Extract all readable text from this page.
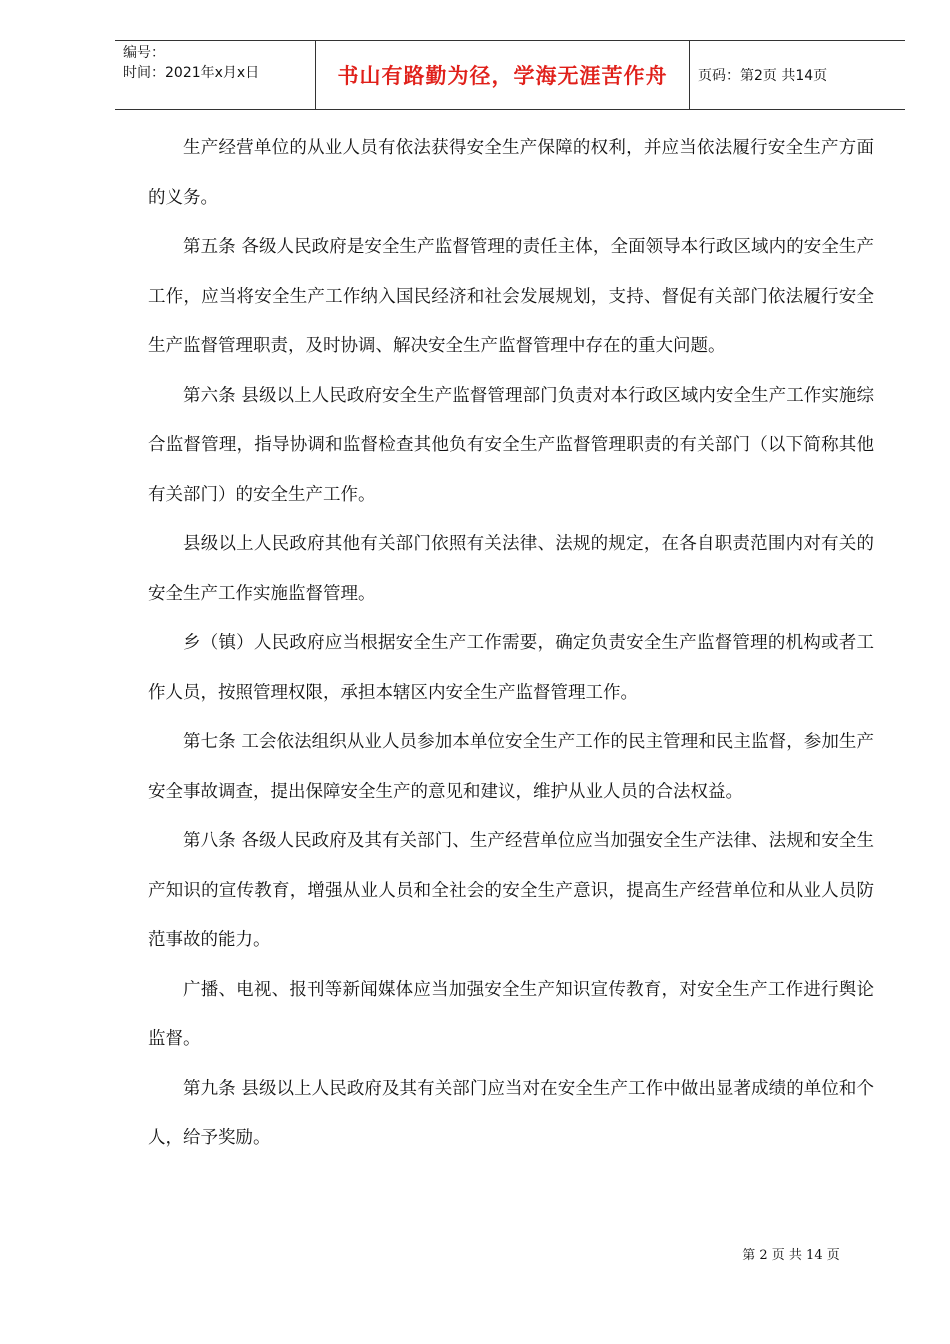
编号：
时间：2021年x月x日	书山有路勤为径，学海无涯苦作舟 页码：第2页 共14页

生产经营单位的从业人员有依法获得安全生产保障的权利，并应当依法履行安全生产方面的义务。

第五条 各级人民政府是安全生产监督管理的责任主体，全面领导本行政区域内的安全生产工作，应当将安全生产工作纳入国民经济和社会发展规划，支持、督促有关部门依法履行安全生产监督管理职责，及时协调、解决安全生产监督管理中存在的重大问题。

第六条 县级以上人民政府安全生产监督管理部门负责对本行政区域内安全生产工作实施综合监督管理，指导协调和监督检查其他负有安全生产监督管理职责的有关部门（以下简称其他有关部门）的安全生产工作。

县级以上人民政府其他有关部门依照有关法律、法规的规定，在各自职责范围内对有关的安全生产工作实施监督管理。

乡（镇）人民政府应当根据安全生产工作需要，确定负责安全生产监督管理的机构或者工作人员，按照管理权限，承担本辖区内安全生产监督管理工作。

第七条 工会依法组织从业人员参加本单位安全生产工作的民主管理和民主监督，参加生产安全事故调查，提出保障安全生产的意见和建议，维护从业人员的合法权益。

第八条 各级人民政府及其有关部门、生产经营单位应当加强安全生产法律、法规和安全生产知识的宣传教育，增强从业人员和全社会的安全生产意识，提高生产经营单位和从业人员防范事故的能力。

广播、电视、报刊等新闻媒体应当加强安全生产知识宣传教育，对安全生产工作进行舆论监督。

第九条 县级以上人民政府及其有关部门应当对在安全生产工作中做出显著成绩的单位和个人，给予奖励。

第 2 页 共 14 页
